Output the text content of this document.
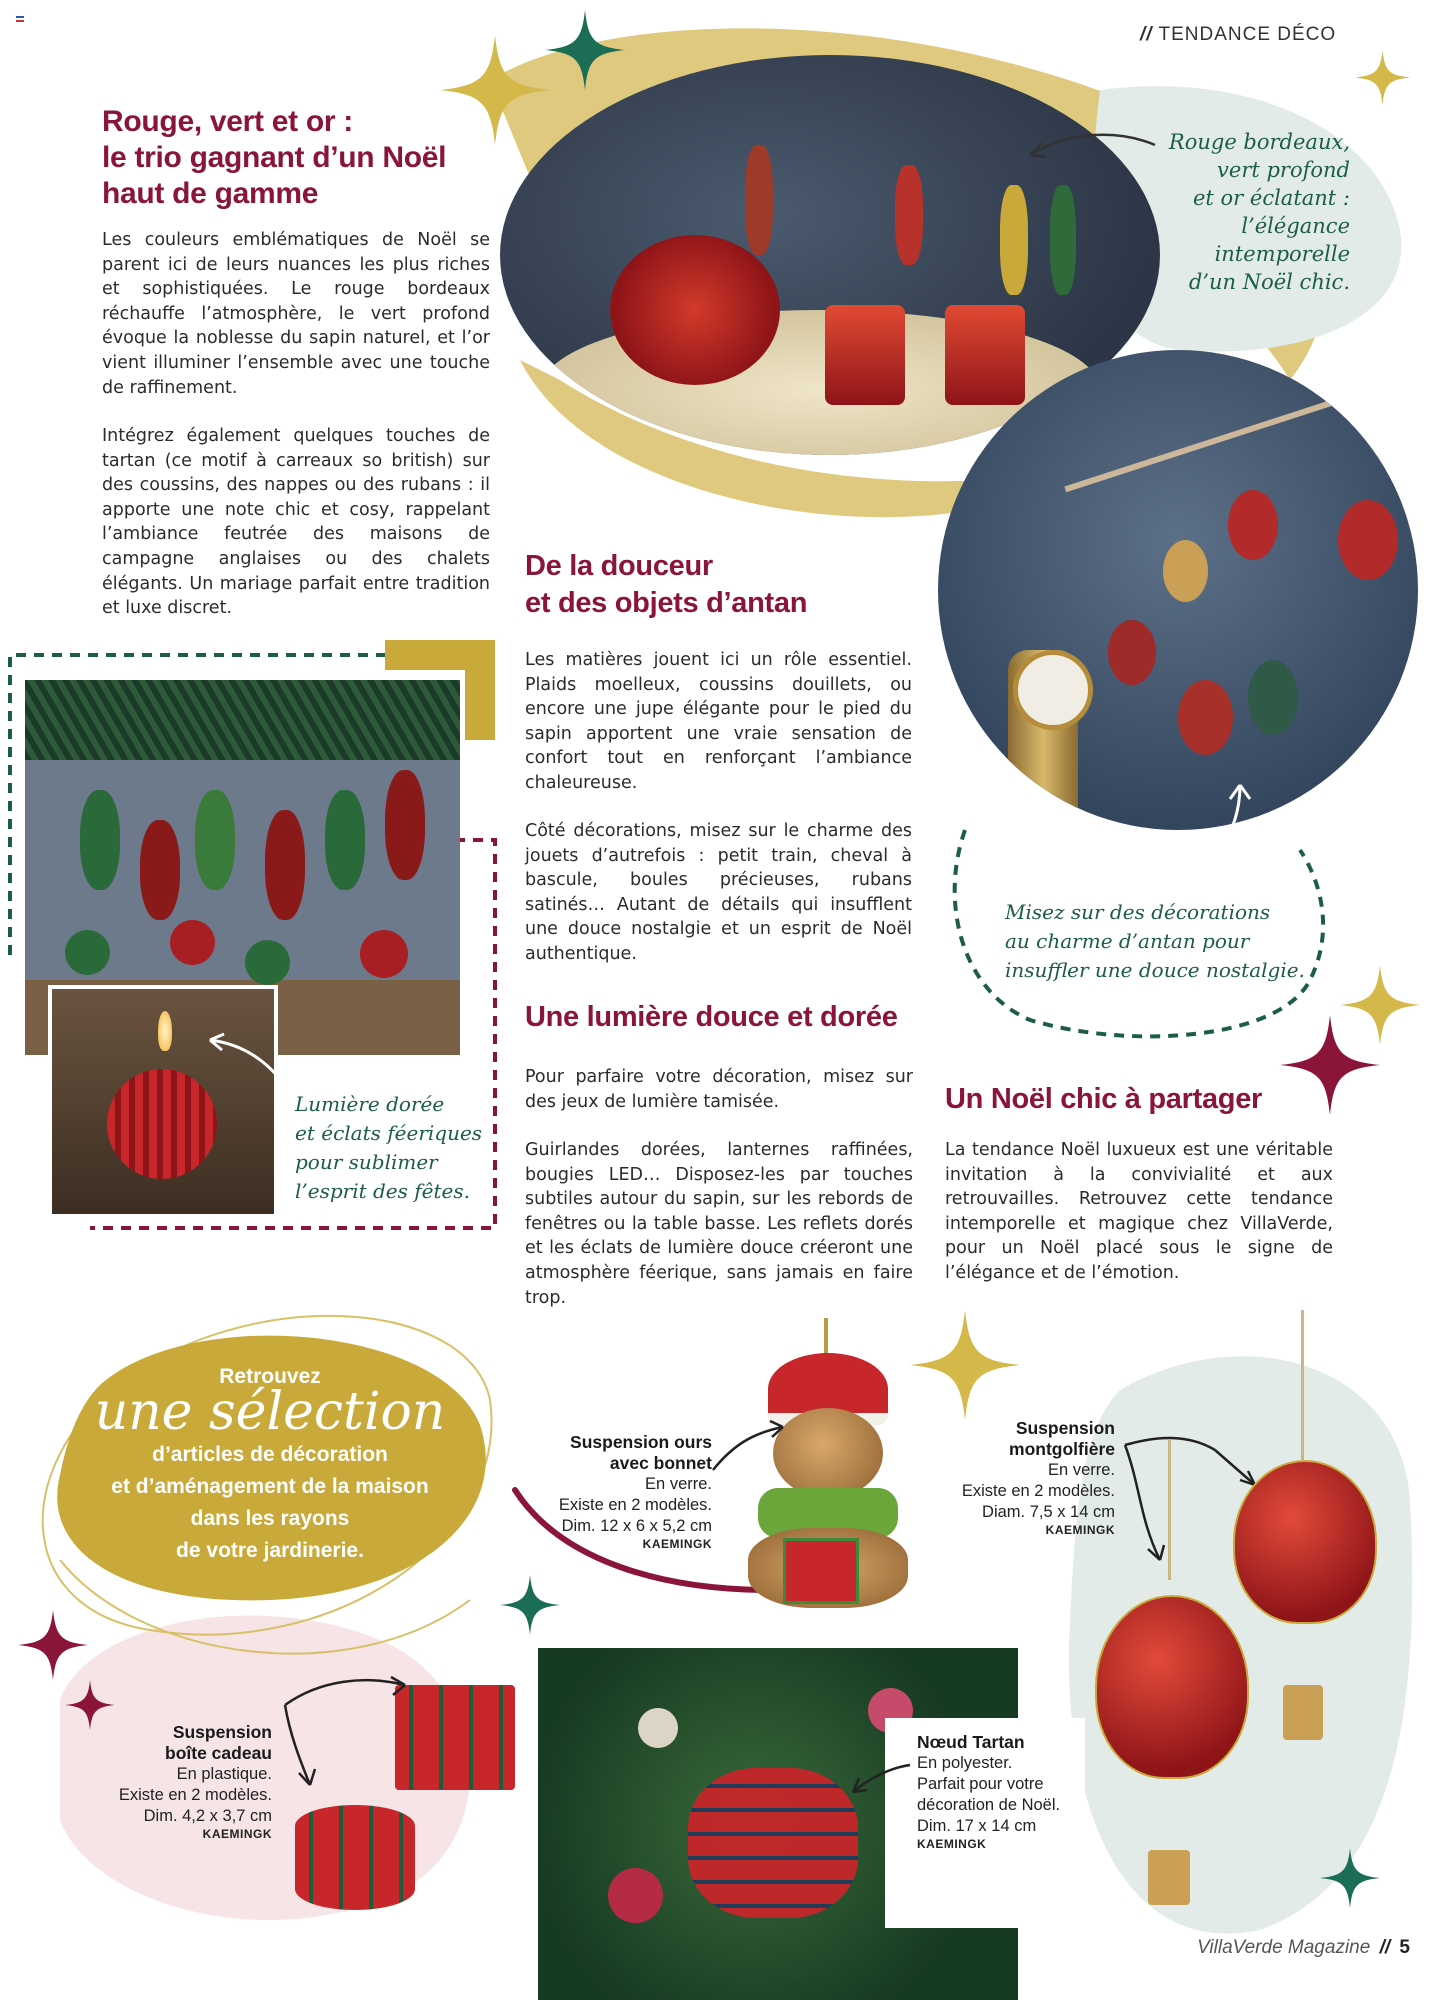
// TENDANCE DÉCO
Rouge, vert et or :
le trio gagnant d’un Noël
haut de gamme

Les couleurs emblématiques de Noël se parent ici de leurs nuances les plus riches et sophistiquées. Le rouge bordeaux réchauffe l’atmosphère, le vert profond évoque la noblesse du sapin naturel, et l’or vient illuminer l’ensemble avec une touche de raffinement.

Intégrez également quelques touches de tartan (ce motif à carreaux so british) sur des coussins, des nappes ou des rubans : il apporte une note chic et cosy, rappelant l’ambiance feutrée des maisons de campagne anglaises ou des chalets élégants. Un mariage parfait entre tradition et luxe discret.

Rouge bordeaux,
vert profond
et or éclatant :
l’élégance
intemporelle
d’un Noël chic.
Misez sur des décorations
au charme d’antan pour
insuffler une douce nostalgie.
De la douceur
et des objets d’antan

Les matières jouent ici un rôle essentiel. Plaids moelleux, coussins douillets, ou encore une jupe élégante pour le pied du sapin apportent une vraie sensation de confort tout en renforçant l’ambiance chaleureuse.

Côté décorations, misez sur le charme des jouets d’autrefois : petit train, cheval à bascule, boules précieuses, rubans satinés… Autant de détails qui insufflent une douce nostalgie et un esprit de Noël authentique.

Une lumière douce et dorée

Pour parfaire votre décoration, misez sur des jeux de lumière tamisée.

Guirlandes dorées, lanternes raffinées, bougies LED… Disposez-les par touches subtiles autour du sapin, sur les rebords de fenêtres ou la table basse. Les reflets dorés et les éclats de lumière douce créeront une atmosphère féerique, sans jamais en faire trop.

Un Noël chic à partager

La tendance Noël luxueux est une véritable invitation à la convivialité et aux retrouvailles. Retrouvez cette tendance intemporelle et magique chez VillaVerde, pour un Noël placé sous le signe de l’élégance et de l’émotion.

Lumière dorée
et éclats féeriques
pour sublimer
l’esprit des fêtes.
Retrouvez
une sélection
d’articles de décoration
et d’aménagement de la maison
dans les rayons
de votre jardinerie.
Suspension ours
avec bonnet
En verre.
Existe en 2 modèles.
Dim. 12 x 6 x 5,2 cm
KAEMINGK
Suspension
montgolfière
En verre.
Existe en 2 modèles.
Diam. 7,5 x 14 cm
KAEMINGK
Suspension
boîte cadeau
En plastique.
Existe en 2 modèles.
Dim. 4,2 x 3,7 cm
KAEMINGK
Nœud Tartan
En polyester.
Parfait pour votre
décoration de Noël.
Dim. 17 x 14 cm
KAEMINGK
VillaVerde Magazine // 5
